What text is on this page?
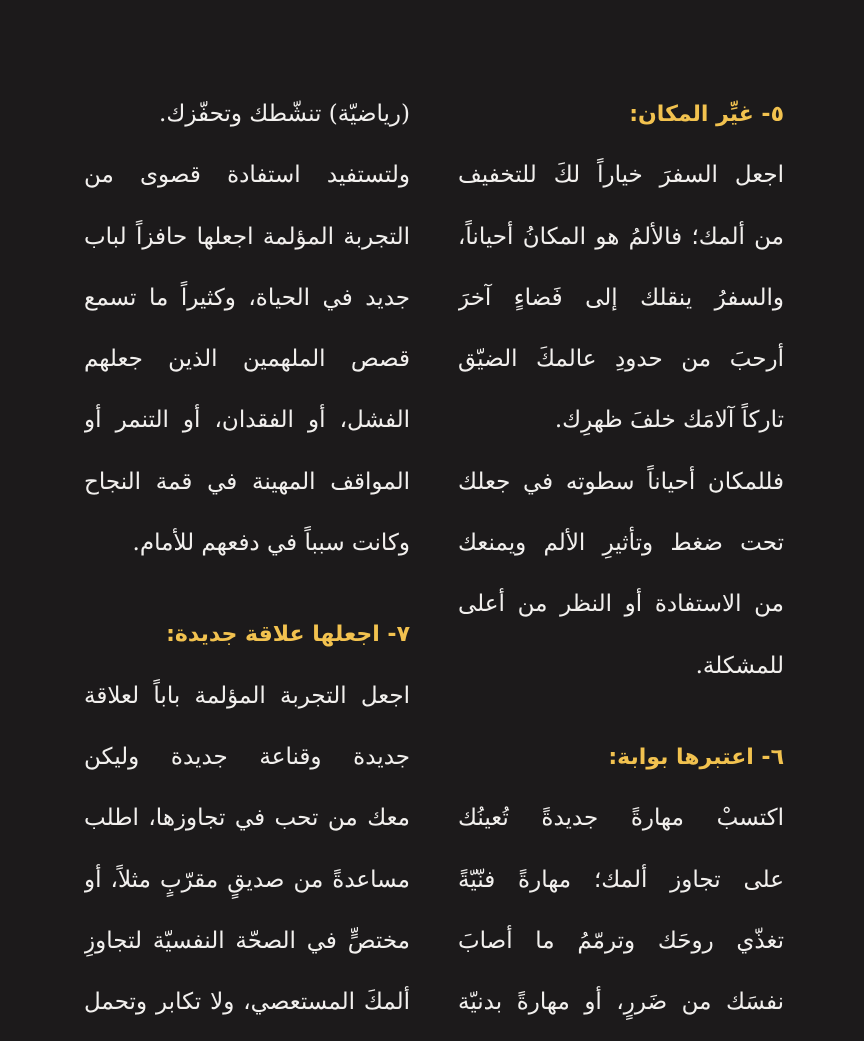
٥- غيِّر المكان:
اجعل السفرَ خياراً لكَ للتخفيف
من ألمك؛ فالألمُ هو المكانُ أحياناً،
والسفرُ ينقلك إلى فَضاءٍ آخرَ
أرحبَ من حدودِ عالمكَ الضيّق
تاركاً آلامَك خلفَ ظهرِك.
فللمكان أحياناً سطوته في جعلك
تحت ضغط وتأثيرِ الألم ويمنعك
من الاستفادة أو النظر من أعلى
للمشكلة.
٦- اعتبرها بوابة:
اكتسبْ مهارةً جديدةً تُعينُك
على تجاوز ألمك؛ مهارةً فنّيّةً
تغذّي روحَك وترمّمُ ما أصابَ
نفسَك من ضَررٍ، أو مهارةً بدنيّة
(رياضيّة) تنشّطك وتحفّزك.
ولتستفيد استفادة قصوى من
التجربة المؤلمة اجعلها حافزاً لباب
جديد في الحياة، وكثيراً ما تسمع
قصص الملهمين الذين جعلهم
الفشل، أو الفقدان، أو التنمر أو
المواقف المهينة في قمة النجاح
وكانت سبباً في دفعهم للأمام.
٧- اجعلها علاقة جديدة:
اجعل التجربة المؤلمة باباً لعلاقة
جديدة وقناعة جديدة وليكن
معك من تحب في تجاوزها، اطلب
مساعدةً من صديقٍ مقرّبٍ مثلاً، أو
مختصٍّ في الصحّة النفسيّة لتجاوزِ
ألمكَ المستعصي، ولا تكابر وتحمل
